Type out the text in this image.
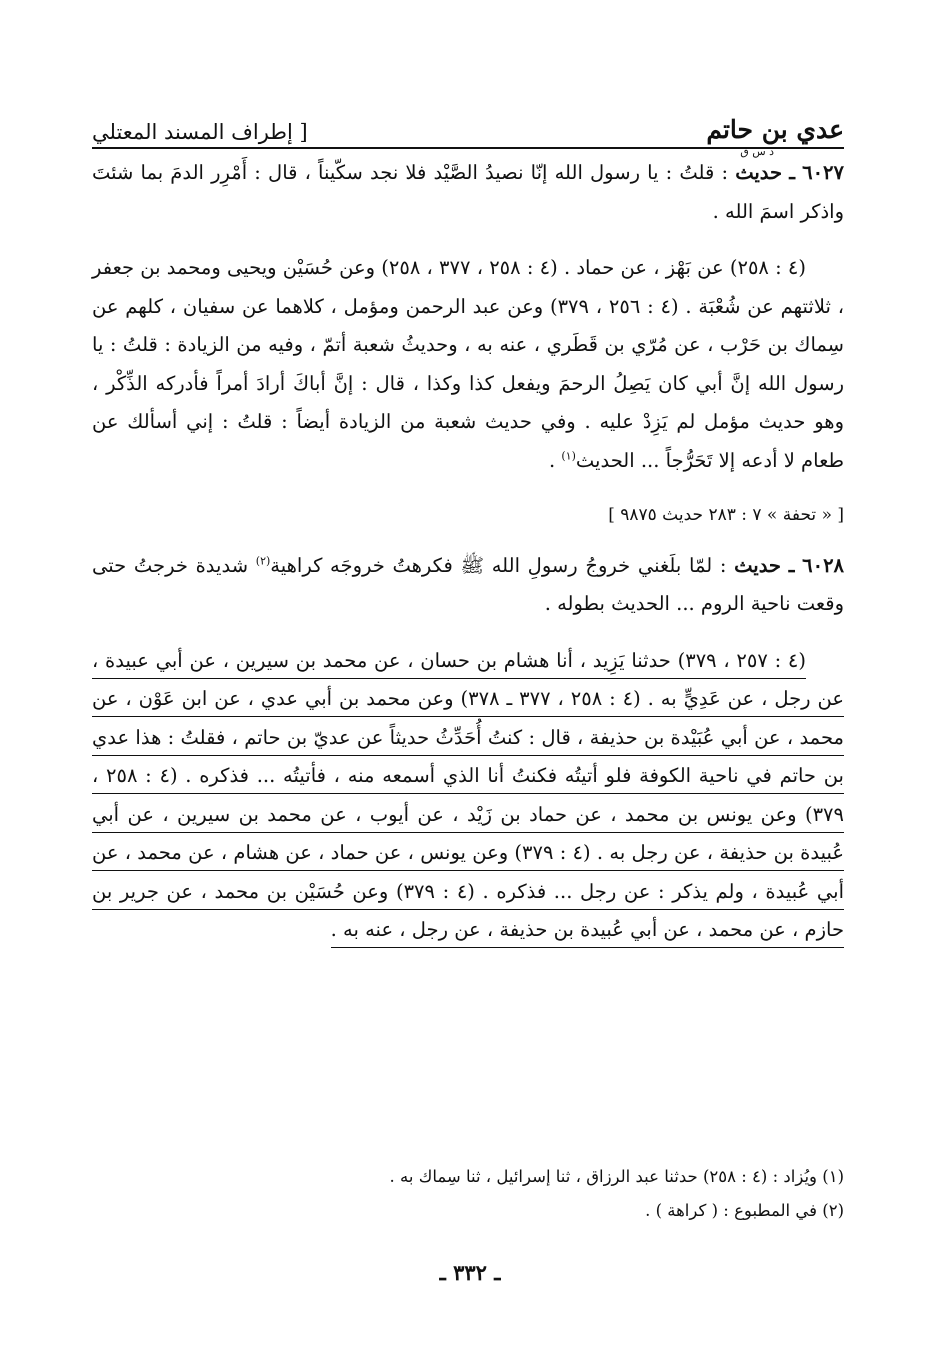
عدي بن حاتم
[ إطراف المسند المعتلي

٦٠٢٧ ـ حديث
د س ق
: قلتُ : يا رسول الله إنّا نصيدُ الصَّيْد فلا نجد سكّيناً ، قال : أَمْرِر الدمَ بما شئتَ واذكر اسمَ الله .

(٤ : ٢٥٨) عن بَهْز ، عن حماد . (٤ : ٢٥٨ ، ٣٧٧ ، ٢٥٨) وعن حُسَيْن ويحيى ومحمد بن جعفر ، ثلاثتهم عن شُعْبَة . (٤ : ٢٥٦ ، ٣٧٩) وعن عبد الرحمن ومؤمل ، كلاهما عن سفيان ، كلهم عن سِماك بن حَرْب ، عن مُرّي بن قَطَري ، عنه به ، وحديثُ شعبة أتمّ ، وفيه من الزيادة : قلتُ : يا رسول الله إنَّ أبي كان يَصِلُ الرحمَ ويفعل كذا وكذا ، قال : إنَّ أباكَ أرادَ أمراً فأدركه الذِّكْر ، وهو حديث مؤمل لم يَزِدْ عليه . وفي حديث شعبة من الزيادة أيضاً : قلتُ : إني أسألك عن طعام لا أدعه إلا تَحَرُّجاً ... الحديث$^{(١)}$ .

[ « تحفة » ٧ : ٢٨٣ حديث ٩٨٧٥ ]

٦٠٢٨ ـ حديث : لمّا بلَغني خروجُ رسولِ الله ﷺ فكرهتُ خروجَه كراهية$^{(٢)}$ شديدة خرجتُ حتى وقعت ناحية الروم ... الحديث بطوله .

(٤ : ٢٥٧ ، ٣٧٩) حدثنا يَزِيد ، أنا هشام بن حسان ، عن محمد بن سيرين ، عن أبي عبيدة ، عن رجل ، عن عَدِيٍّ به . (٤ : ٢٥٨ ، ٣٧٧ ـ ٣٧٨) وعن محمد بن أبي عدي ، عن ابن عَوْن ، عن محمد ، عن أبي عُبَيْدة بن حذيفة ، قال : كنتُ أُحَدِّثُ حديثاً عن عديّ بن حاتم ، فقلتُ : هذا عدي بن حاتم في ناحية الكوفة فلو أتيتُه فكنتُ أنا الذي أسمعه منه ، فأتيتُه ... فذكره . (٤ : ٢٥٨ ، ٣٧٩) وعن يونس بن محمد ، عن حماد بن زَيْد ، عن أيوب ، عن محمد بن سيرين ، عن أبي عُبيدة بن حذيفة ، عن رجل به . (٤ : ٣٧٩) وعن يونس ، عن حماد ، عن هشام ، عن محمد ، عن أبي عُبيدة ، ولم يذكر : عن رجل ... فذكره . (٤ : ٣٧٩) وعن حُسَيْن بن محمد ، عن جرير بن حازم ، عن محمد ، عن أبي عُبيدة بن حذيفة ، عن رجل ، عنه به .

(١) ويُزاد : (٤ : ٢٥٨) حدثنا عبد الرزاق ، ثنا إسرائيل ، ثنا سِماك به .

(٢) في المطبوع : ( كراهة ) .

ـ ٣٣٢ ـ
